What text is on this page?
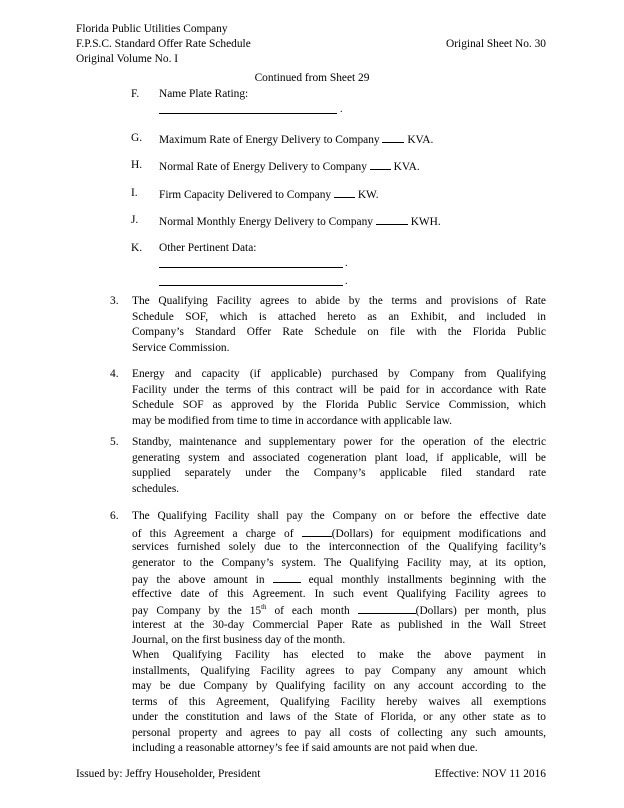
Florida Public Utilities Company
F.P.S.C. Standard Offer Rate Schedule	Original Sheet No. 30
Original Volume No. I
Continued from Sheet 29
F. Name Plate Rating:
.
G. Maximum Rate of Energy Delivery to Company KVA.
H. Normal Rate of Energy Delivery to Company KVA.
I. Firm Capacity Delivered to Company KW.
J. Normal Monthly Energy Delivery to Company	KWH.
K. Other Pertinent Data:
.
.
3. The Qualifying Facility agrees to abide by the terms and provisions of Rate
Schedule SOF, which is attached hereto as an Exhibit, and included in
Company’s Standard Offer Rate Schedule on file with the Florida Public
Service Commission.
4. Energy and capacity (if applicable) purchased by Company from Qualifying
Facility under the terms of this contract will be paid for in accordance with Rate
Schedule SOF as approved by the Florida Public Service Commission, which
may be modified from time to time in accordance with applicable law.
5. Standby, maintenance and supplementary power for the operation of the electric
generating system and associated cogeneration plant load, if applicable, will be
supplied separately under the Company’s applicable filed standard rate
schedules.
6. The Qualifying Facility shall pay the Company on or before the effective date
of this Agreement a charge of	(Dollars) for equipment modifications and
services furnished solely due to the interconnection of the Qualifying facility’s
generator to the Company’s system. The Qualifying Facility may, at its option,
pay the above amount in  equal monthly installments beginning with the
effective date of this Agreement. In such event Qualifying Facility agrees to
pay Company by the 15th of each month	(Dollars) per month, plus
interest at the 30-day Commercial Paper Rate as published in the Wall Street
Journal, on the first business day of the month.
When Qualifying Facility has elected to make the above payment in
installments, Qualifying Facility agrees to pay Company any amount which
may be due Company by Qualifying facility on any account according to the
terms of this Agreement, Qualifying Facility hereby waives all exemptions
under the constitution and laws of the State of Florida, or any other state as to
personal property and agrees to pay all costs of collecting any such amounts,
including a reasonable attorney’s fee if said amounts are not paid when due.
Issued by: Jeffry Householder, President	Effective: NOV 11 2016
